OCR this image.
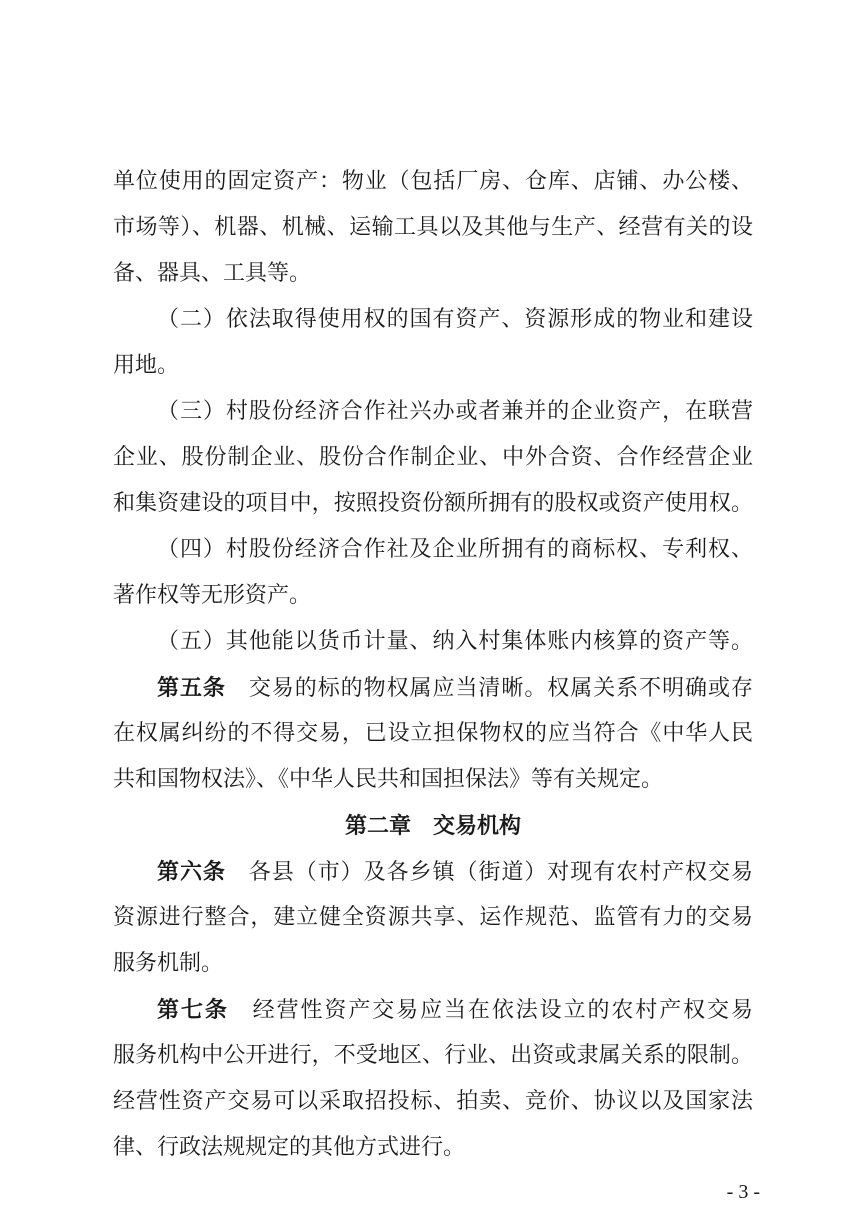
单位使用的固定资产：物业（包括厂房、仓库、店铺、办公楼、
市场等）、机器、机械、运输工具以及其他与生产、经营有关的设
备、器具、工具等。
（二）依法取得使用权的国有资产、资源形成的物业和建设
用地。
（三）村股份经济合作社兴办或者兼并的企业资产，在联营
企业、股份制企业、股份合作制企业、中外合资、合作经营企业
和集资建设的项目中，按照投资份额所拥有的股权或资产使用权。
（四）村股份经济合作社及企业所拥有的商标权、专利权、
著作权等无形资产。
（五）其他能以货币计量、纳入村集体账内核算的资产等。
第五条　 交易的标的物权属应当清晰。权属关系不明确或存
在权属纠纷的不得交易，已设立担保物权的应当符合《中华人民
共和国物权法》、《中华人民共和国担保法》等有关规定。
第二章　交易机构
第六条　 各县（市）及各乡镇（街道）对现有农村产权交易
资源进行整合，建立健全资源共享、运作规范、监管有力的交易
服务机制。
第七条　 经营性资产交易应当在依法设立的农村产权交易
服务机构中公开进行，不受地区、行业、出资或隶属关系的限制。
经营性资产交易可以采取招投标、拍卖、竞价、协议以及国家法
律、行政法规规定的其他方式进行。
- 3 -
